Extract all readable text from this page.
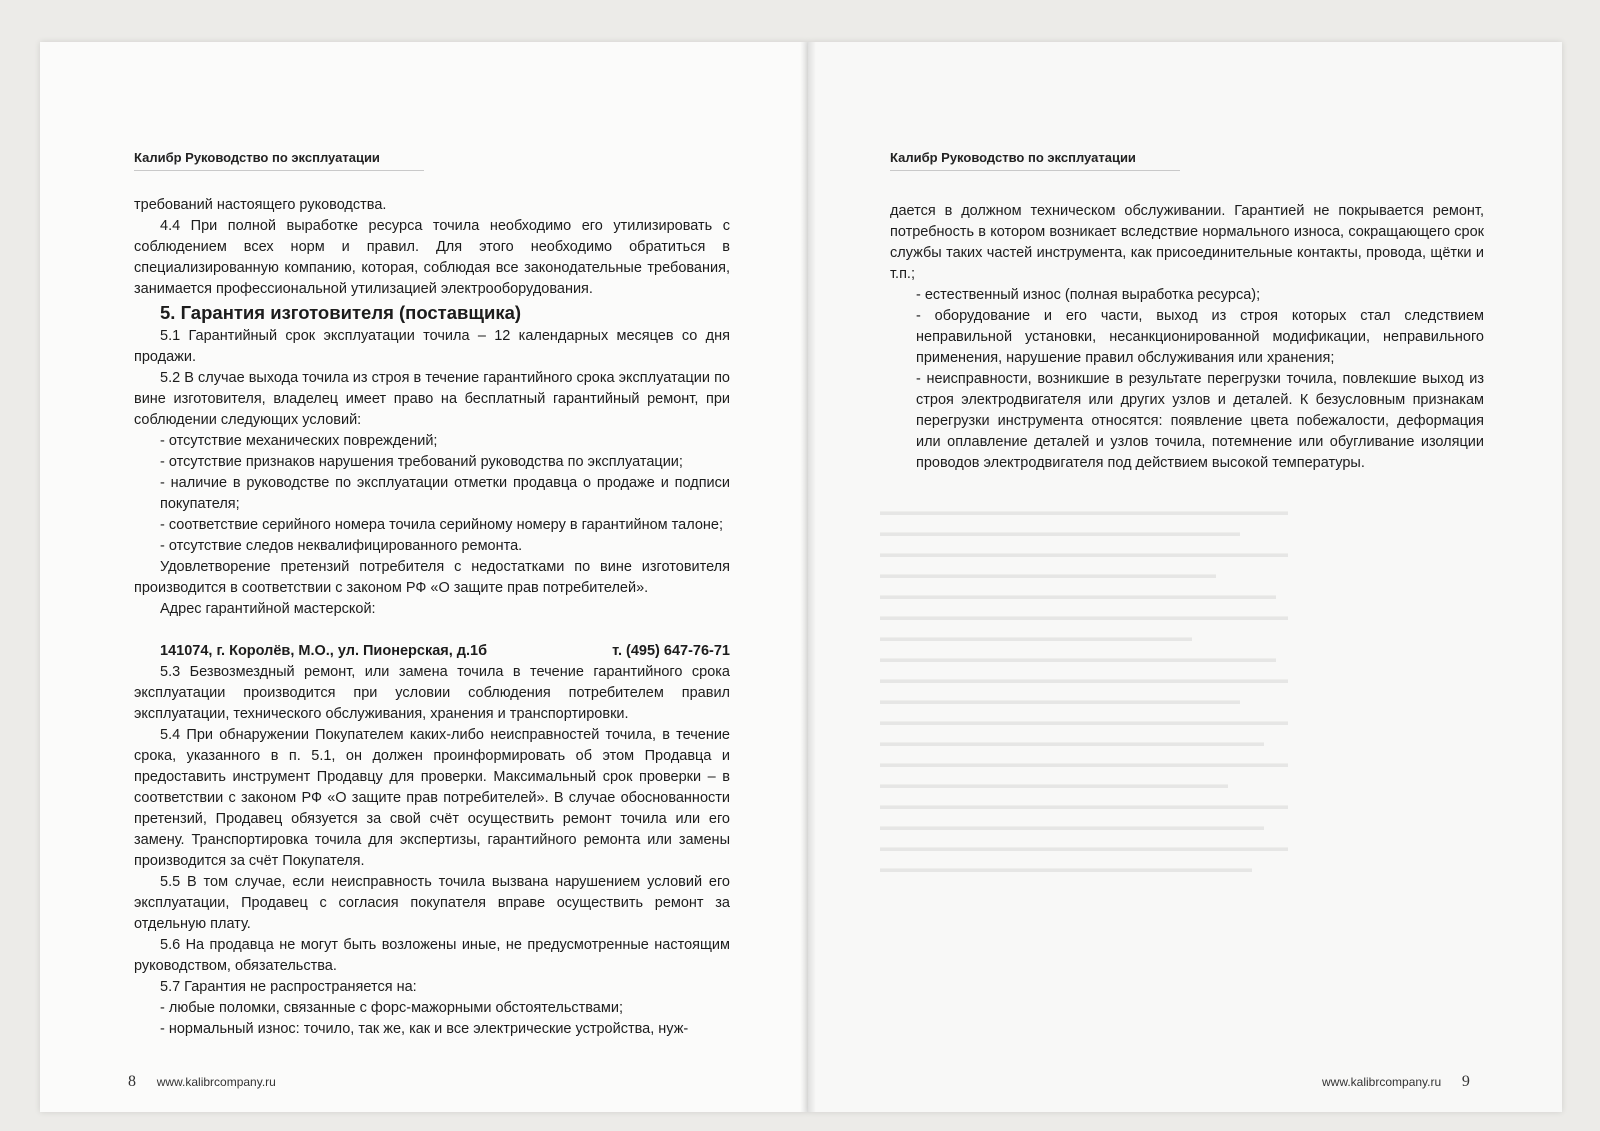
▬▬▬▬▬▬▬▬▬▬▬▬▬▬▬▬▬▬▬▬▬▬▬▬▬▬▬▬▬▬▬▬▬▬
▬▬▬▬▬▬▬▬▬▬▬▬▬▬▬▬▬▬▬▬▬▬▬▬▬▬▬▬▬▬
▬▬▬▬▬▬▬▬▬▬▬▬▬▬▬▬▬▬▬▬▬▬▬▬▬▬▬▬▬▬▬▬▬▬
▬▬▬▬▬▬▬▬▬▬▬▬▬▬▬▬▬▬▬▬▬▬▬▬▬▬▬▬
▬▬▬▬▬▬▬▬▬▬▬▬▬▬▬▬▬▬▬▬▬▬▬▬▬▬▬▬▬▬▬▬▬
▬▬▬▬▬▬▬▬▬▬▬▬▬▬▬▬▬▬▬▬▬▬▬▬▬▬▬▬▬▬▬▬▬▬
▬▬▬▬▬▬▬▬▬▬▬▬▬▬▬▬▬▬▬▬▬▬▬▬▬▬
▬▬▬▬▬▬▬▬▬▬▬▬▬▬▬▬▬▬▬▬▬▬▬▬▬▬▬▬▬▬▬▬▬
▬▬▬▬▬▬▬▬▬▬▬▬▬▬▬▬▬▬▬▬▬▬▬▬▬▬▬▬▬▬▬▬▬▬
▬▬▬▬▬▬▬▬▬▬▬▬▬▬▬▬▬▬▬▬▬▬▬▬▬▬▬▬▬▬
▬▬▬▬▬▬▬▬▬▬▬▬▬▬▬▬▬▬▬▬▬▬▬▬▬▬▬▬▬▬▬▬▬▬
▬▬▬▬▬▬▬▬▬▬▬▬▬▬▬▬▬▬▬▬▬▬▬▬▬▬▬▬▬▬▬▬
▬▬▬▬▬▬▬▬▬▬▬▬▬▬▬▬▬▬▬▬▬▬▬▬▬▬▬▬▬▬▬▬▬▬
▬▬▬▬▬▬▬▬▬▬▬▬▬▬▬▬▬▬▬▬▬▬▬▬▬▬▬▬▬
▬▬▬▬▬▬▬▬▬▬▬▬▬▬▬▬▬▬▬▬▬▬▬▬▬▬▬▬▬▬▬▬▬▬
▬▬▬▬▬▬▬▬▬▬▬▬▬▬▬▬▬▬▬▬▬▬▬▬▬▬▬▬▬▬▬▬
▬▬▬▬▬▬▬▬▬▬▬▬▬▬▬▬▬▬▬▬▬▬▬▬▬▬▬▬▬▬▬▬▬▬
▬▬▬▬▬▬▬▬▬▬▬▬▬▬▬▬▬▬▬▬▬▬▬▬▬▬▬▬▬▬▬

Калибр Руководство по эксплуатации

требований настоящего руководства.

4.4 При полной выработке ресурса точила необходимо его утилизировать с соблюдением всех норм и правил. Для этого необходимо обратиться в специализированную компанию, которая, соблюдая все законодательные требования, занимается профессиональной утилизацией электрооборудования.

5. Гарантия изготовителя (поставщика)

5.1 Гарантийный срок эксплуатации точила – 12 календарных месяцев со дня продажи.

5.2 В случае выхода точила из строя в течение гарантийного срока эксплуатации по вине изготовителя, владелец имеет право на бесплатный гарантийный ремонт, при соблюдении следующих условий:

- отсутствие механических повреждений;

- отсутствие признаков нарушения требований руководства по эксплуатации;

- наличие в руководстве по эксплуатации отметки продавца о продаже и подписи покупателя;

- соответствие серийного номера точила серийному номеру в гарантийном талоне;

- отсутствие следов неквалифицированного ремонта.

Удовлетворение претензий потребителя с недостатками по вине изготовителя производится в соответствии с законом РФ «О защите прав потребителей».

Адрес гарантийной мастерской:

141074, г. Королёв, М.О., ул. Пионерская, д.1б	т. (495) 647-76-71

5.3 Безвозмездный ремонт, или замена точила в течение гарантийного срока эксплуатации производится при условии соблюдения потребителем правил эксплуатации, технического обслуживания, хранения и транспортировки.

5.4 При обнаружении Покупателем каких-либо неисправностей точила, в течение срока, указанного в п. 5.1, он должен проинформировать об этом Продавца и предоставить инструмент Продавцу для проверки. Максимальный срок проверки – в соответствии с законом РФ «О защите прав потребителей». В случае обоснованности претензий, Продавец обязуется за свой счёт осуществить ремонт точила или его замену. Транспортировка точила для экспертизы, гарантийного ремонта или замены производится за счёт Покупателя.

5.5 В том случае, если неисправность точила вызвана нарушением условий его эксплуатации, Продавец с согласия покупателя вправе осуществить ремонт за отдельную плату.

5.6 На продавца не могут быть возложены иные, не предусмотренные настоящим руководством, обязательства.

5.7 Гарантия не распространяется на:

- любые поломки, связанные с форс-мажорными обстоятельствами;

- нормальный износ: точило, так же, как и все электрические устройства, нуж-

8 www.kalibrcompany.ru
Калибр Руководство по эксплуатации

дается в должном техническом обслуживании. Гарантией не покрывается ремонт, потребность в котором возникает вследствие нормального износа, сокращающего срок службы таких частей инструмента, как присоединительные контакты, провода, щётки и т.п.;

- естественный износ (полная выработка ресурса);

- оборудование и его части, выход из строя которых стал следствием неправильной установки, несанкционированной модификации, неправильного применения, нарушение правил обслуживания или хранения;

- неисправности, возникшие в результате перегрузки точила, повлекшие выход из строя электродвигателя или других узлов и деталей. К безусловным признакам перегрузки инструмента относятся: появление цвета побежалости, деформация или оплавление деталей и узлов точила, потемнение или обугливание изоляции проводов электродвигателя под действием высокой температуры.

www.kalibrcompany.ru 9
